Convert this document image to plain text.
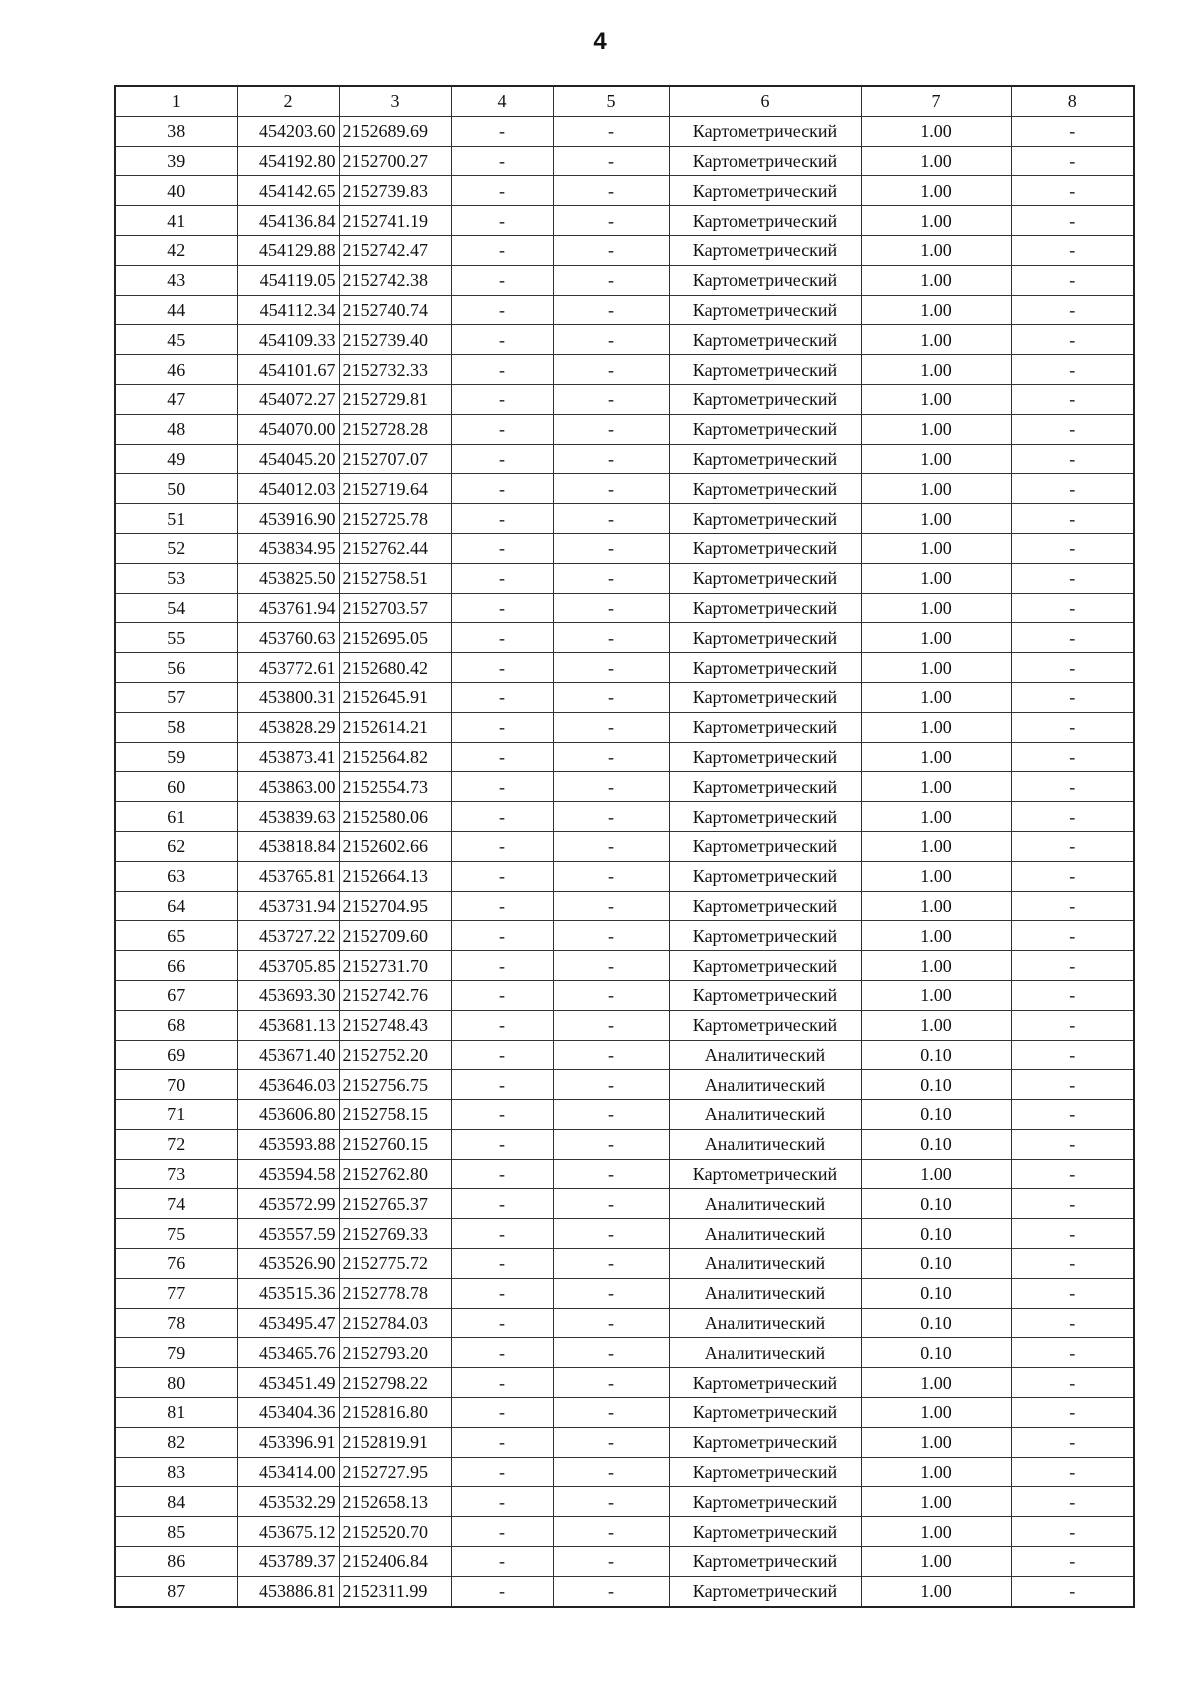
4
1	2	3	4	5	6	7	8
38	454203.60	2152689.69	-	-	Картометрический	1.00	-
39	454192.80	2152700.27	-	-	Картометрический	1.00	-
40	454142.65	2152739.83	-	-	Картометрический	1.00	-
41	454136.84	2152741.19	-	-	Картометрический	1.00	-
42	454129.88	2152742.47	-	-	Картометрический	1.00	-
43	454119.05	2152742.38	-	-	Картометрический	1.00	-
44	454112.34	2152740.74	-	-	Картометрический	1.00	-
45	454109.33	2152739.40	-	-	Картометрический	1.00	-
46	454101.67	2152732.33	-	-	Картометрический	1.00	-
47	454072.27	2152729.81	-	-	Картометрический	1.00	-
48	454070.00	2152728.28	-	-	Картометрический	1.00	-
49	454045.20	2152707.07	-	-	Картометрический	1.00	-
50	454012.03	2152719.64	-	-	Картометрический	1.00	-
51	453916.90	2152725.78	-	-	Картометрический	1.00	-
52	453834.95	2152762.44	-	-	Картометрический	1.00	-
53	453825.50	2152758.51	-	-	Картометрический	1.00	-
54	453761.94	2152703.57	-	-	Картометрический	1.00	-
55	453760.63	2152695.05	-	-	Картометрический	1.00	-
56	453772.61	2152680.42	-	-	Картометрический	1.00	-
57	453800.31	2152645.91	-	-	Картометрический	1.00	-
58	453828.29	2152614.21	-	-	Картометрический	1.00	-
59	453873.41	2152564.82	-	-	Картометрический	1.00	-
60	453863.00	2152554.73	-	-	Картометрический	1.00	-
61	453839.63	2152580.06	-	-	Картометрический	1.00	-
62	453818.84	2152602.66	-	-	Картометрический	1.00	-
63	453765.81	2152664.13	-	-	Картометрический	1.00	-
64	453731.94	2152704.95	-	-	Картометрический	1.00	-
65	453727.22	2152709.60	-	-	Картометрический	1.00	-
66	453705.85	2152731.70	-	-	Картометрический	1.00	-
67	453693.30	2152742.76	-	-	Картометрический	1.00	-
68	453681.13	2152748.43	-	-	Картометрический	1.00	-
69	453671.40	2152752.20	-	-	Аналитический	0.10	-
70	453646.03	2152756.75	-	-	Аналитический	0.10	-
71	453606.80	2152758.15	-	-	Аналитический	0.10	-
72	453593.88	2152760.15	-	-	Аналитический	0.10	-
73	453594.58	2152762.80	-	-	Картометрический	1.00	-
74	453572.99	2152765.37	-	-	Аналитический	0.10	-
75	453557.59	2152769.33	-	-	Аналитический	0.10	-
76	453526.90	2152775.72	-	-	Аналитический	0.10	-
77	453515.36	2152778.78	-	-	Аналитический	0.10	-
78	453495.47	2152784.03	-	-	Аналитический	0.10	-
79	453465.76	2152793.20	-	-	Аналитический	0.10	-
80	453451.49	2152798.22	-	-	Картометрический	1.00	-
81	453404.36	2152816.80	-	-	Картометрический	1.00	-
82	453396.91	2152819.91	-	-	Картометрический	1.00	-
83	453414.00	2152727.95	-	-	Картометрический	1.00	-
84	453532.29	2152658.13	-	-	Картометрический	1.00	-
85	453675.12	2152520.70	-	-	Картометрический	1.00	-
86	453789.37	2152406.84	-	-	Картометрический	1.00	-
87	453886.81	2152311.99	-	-	Картометрический	1.00	-
